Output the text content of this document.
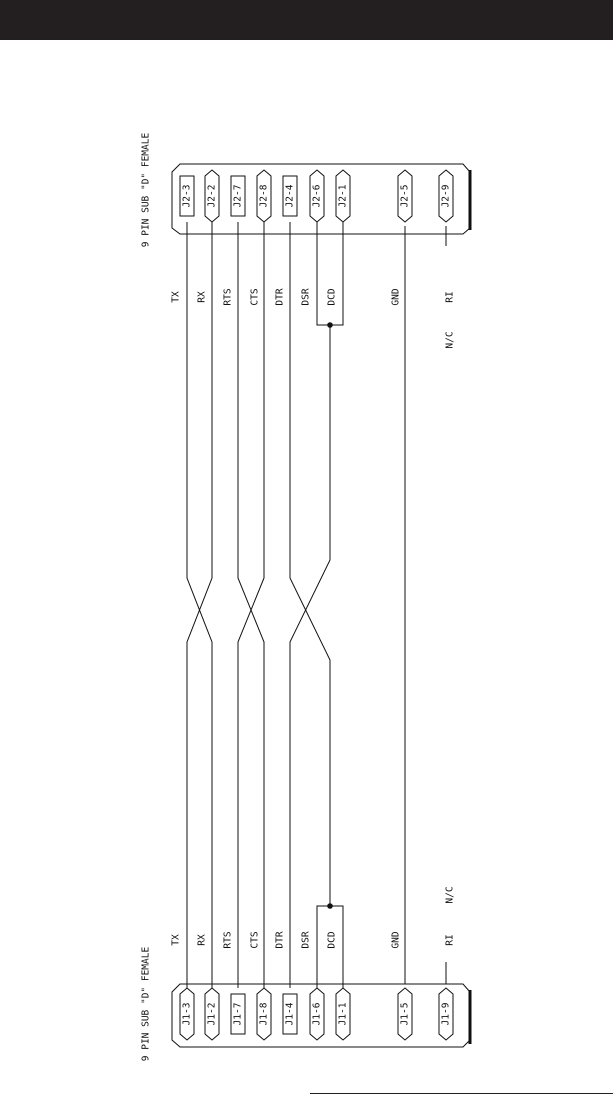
J2-3 J2-2 J2-7 J2-8 J2-4 J2-6 J2-1	J2-5	J2-9
J1-3 J1-2 J1-7 J1-8 J1-4 J1-6 J1-1	J1-5	J1-9
9 PIN SUB "D" FEMALE
9 PIN SUB "D" FEMALE
TX
TX
RX
RX
RTS
RTS
CTS
CTS
DTR
DTR
DSR
DSR
DCD
DCD
GND
GND
RI
RI
N/C
N/C
